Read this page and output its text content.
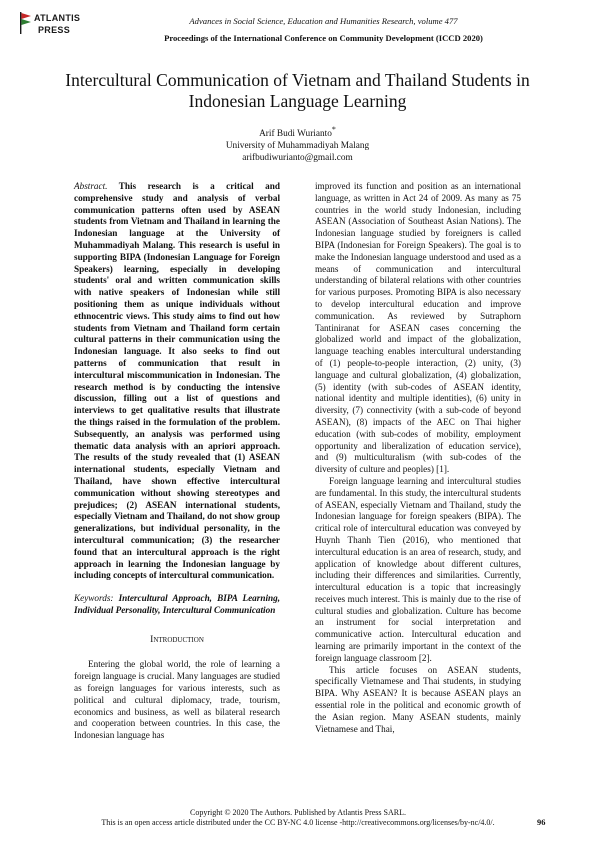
ATLANTIS
PRESS
Advances in Social Science, Education and Humanities Research, volume 477
Proceedings of the International Conference on Community Development (ICCD 2020)
Intercultural Communication of Vietnam and Thailand Students in Indonesian Language Learning
Arif Budi Wurianto*
University of Muhammadiyah Malang
arifbudiwurianto@gmail.com
Abstract. This research is a critical and comprehensive study and analysis of verbal communication patterns often used by ASEAN students from Vietnam and Thailand in learning the Indonesian language at the University of Muhammadiyah Malang. This research is useful in supporting BIPA (Indonesian Language for Foreign Speakers) learning, especially in developing students' oral and written communication skills with native speakers of Indonesian while still positioning them as unique individuals without ethnocentric views. This study aims to find out how students from Vietnam and Thailand form certain cultural patterns in their communication using the Indonesian language. It also seeks to find out patterns of communication that result in intercultural miscommunication in Indonesian. The research method is by conducting the intensive discussion, filling out a list of questions and interviews to get qualitative results that illustrate the things raised in the formulation of the problem. Subsequently, an analysis was performed using thematic data analysis with an apriori approach. The results of the study revealed that (1) ASEAN international students, especially Vietnam and Thailand, have shown effective intercultural communication without showing stereotypes and prejudices; (2) ASEAN international students, especially Vietnam and Thailand, do not show group generalizations, but individual personality, in the intercultural communication; (3) the researcher found that an intercultural approach is the right approach in learning the Indonesian language by including concepts of intercultural communication.
Keywords: Intercultural Approach, BIPA Learning, Individual Personality, Intercultural Communication
Introduction

Entering the global world, the role of learning a foreign language is crucial. Many languages are studied as foreign languages for various interests, such as political and cultural diplomacy, trade, tourism, economics and business, as well as bilateral research and cooperation between countries. In this case, the Indonesian language has

improved its function and position as an international language, as written in Act 24 of 2009. As many as 75 countries in the world study Indonesian, including ASEAN (Association of Southeast Asian Nations). The Indonesian language studied by foreigners is called BIPA (Indonesian for Foreign Speakers). The goal is to make the Indonesian language understood and used as a means of communication and intercultural understanding of bilateral relations with other countries for various purposes. Promoting BIPA is also necessary to develop intercultural education and improve communication. As reviewed by Sutraphorn Tantiniranat for ASEAN cases concerning the globalized world and impact of the globalization, language teaching enables intercultural understanding of (1) people-to-people interaction, (2) unity, (3) language and cultural globalization, (4) globalization, (5) identity (with sub-codes of ASEAN identity, national identity and multiple identities), (6) unity in diversity, (7) connectivity (with a sub-code of beyond ASEAN), (8) impacts of the AEC on Thai higher education (with sub-codes of mobility, employment opportunity and liberalization of education service), and (9) multiculturalism (with sub-codes of the diversity of culture and peoples) [1].

Foreign language learning and intercultural studies are fundamental. In this study, the intercultural students of ASEAN, especially Vietnam and Thailand, study the Indonesian language for foreign speakers (BIPA). The critical role of intercultural education was conveyed by Huynh Thanh Tien (2016), who mentioned that intercultural education is an area of research, study, and application of knowledge about different cultures, including their differences and similarities. Currently, intercultural education is a topic that increasingly receives much interest. This is mainly due to the rise of cultural studies and globalization. Culture has become an instrument for social interpretation and communicative action. Intercultural education and learning are primarily important in the context of the foreign language classroom [2].

This article focuses on ASEAN students, specifically Vietnamese and Thai students, in studying BIPA. Why ASEAN? It is because ASEAN plays an essential role in the political and economic growth of the Asian region. Many ASEAN students, mainly Vietnamese and Thai,

Copyright © 2020 The Authors. Published by Atlantis Press SARL.
This is an open access article distributed under the CC BY-NC 4.0 license -http://creativecommons.org/licenses/by-nc/4.0/.	96
